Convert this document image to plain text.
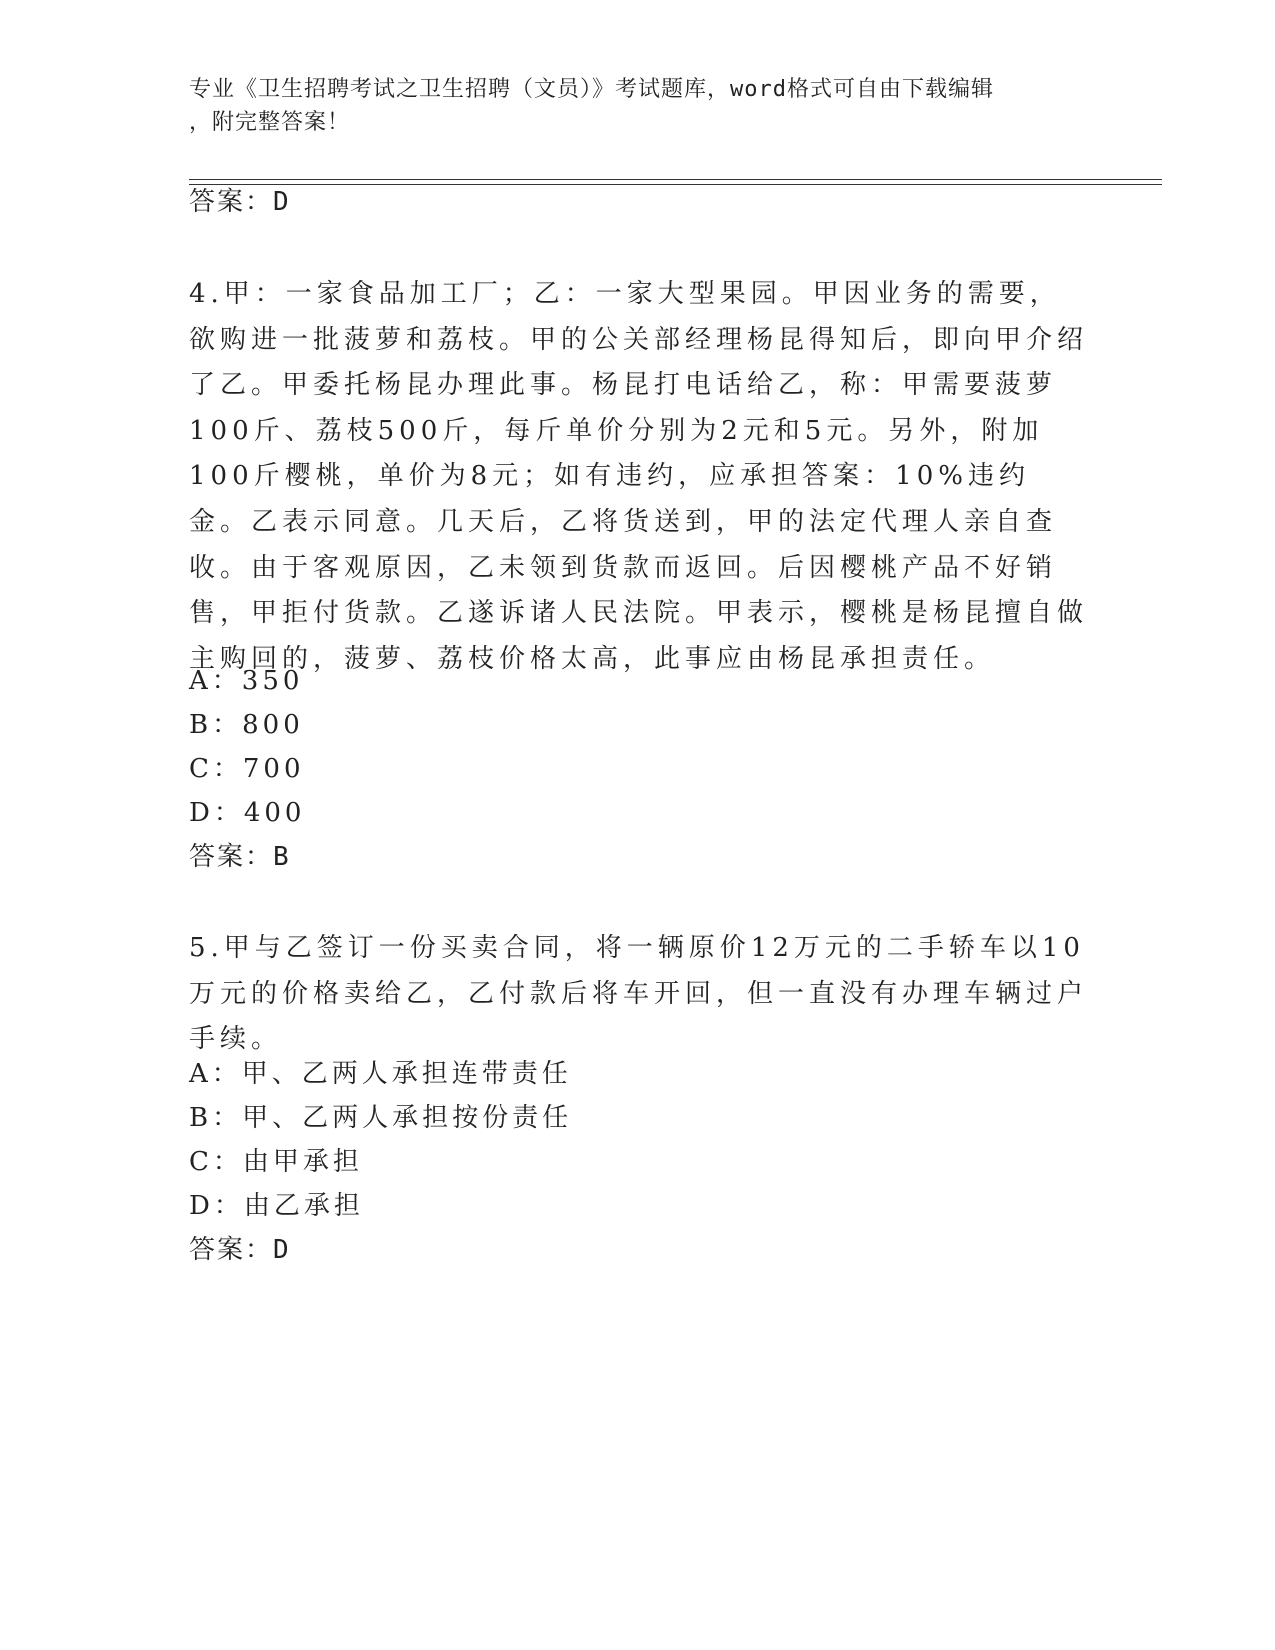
专业《卫生招聘考试之卫生招聘（文员）》考试题库，word格式可自由下载编辑
，附完整答案！
答案：D
4.甲：一家食品加工厂；乙：一家大型果园。甲因业务的需要，欲购进一批菠萝和荔枝。甲的公关部经理杨昆得知后，即向甲介绍了乙。甲委托杨昆办理此事。杨昆打电话给乙，称：甲需要菠萝100斤、荔枝500斤，每斤单价分别为2元和5元。另外，附加100斤樱桃，单价为8元；如有违约，应承担答案：10%违约金。乙表示同意。几天后，乙将货送到，甲的法定代理人亲自查收。由于客观原因，乙未领到货款而返回。后因樱桃产品不好销售，甲拒付货款。乙遂诉诸人民法院。甲表示，樱桃是杨昆擅自做主购回的，菠萝、荔枝价格太高，此事应由杨昆承担责任。
A：350
B：800
C：700
D：400
答案：B
5.甲与乙签订一份买卖合同，将一辆原价12万元的二手轿车以10万元的价格卖给乙，乙付款后将车开回，但一直没有办理车辆过户手续。
A：甲、乙两人承担连带责任
B：甲、乙两人承担按份责任
C：由甲承担
D：由乙承担
答案：D
